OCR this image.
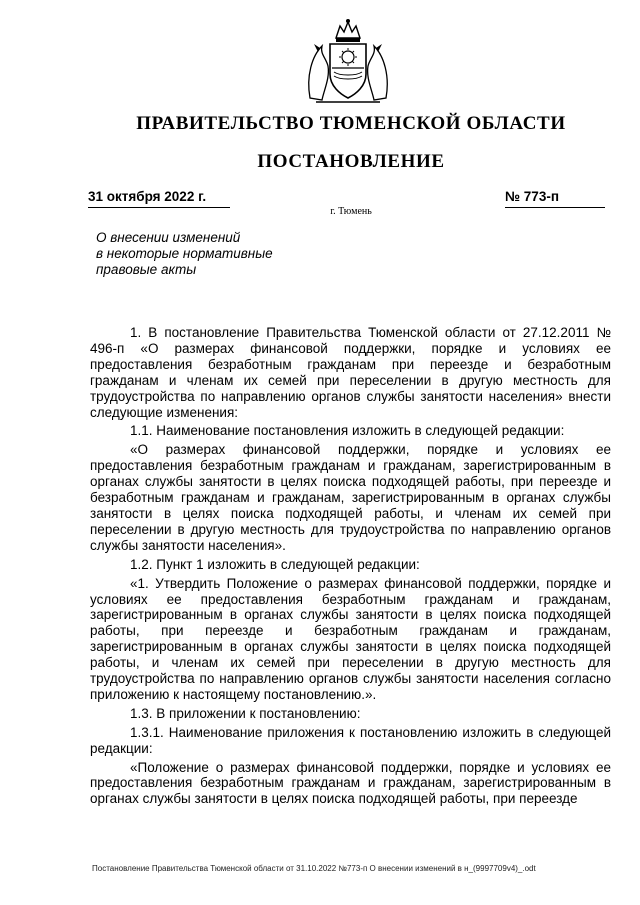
ПРАВИТЕЛЬСТВО ТЮМЕНСКОЙ ОБЛАСТИ
ПОСТАНОВЛЕНИЕ
31 октября 2022 г.	№ 773-п
г. Тюмень
О внесении изменений
в некоторые нормативные
правовые акты

1. В постановление Правительства Тюменской области от 27.12.2011 № 496-п «О размерах финансовой поддержки, порядке и условиях ее предоставления безработным гражданам при переезде и безработным гражданам и членам их семей при переселении в другую местность для трудоустройства по направлению органов службы занятости населения» внести следующие изменения:

1.1. Наименование постановления изложить в следующей редакции:

«О размерах финансовой поддержки, порядке и условиях ее предоставления безработным гражданам и гражданам, зарегистрированным в органах службы занятости в целях поиска подходящей работы, при переезде и безработным гражданам и гражданам, зарегистрированным в органах службы занятости в целях поиска подходящей работы, и членам их семей при переселении в другую местность для трудоустройства по направлению органов службы занятости населения».

1.2. Пункт 1 изложить в следующей редакции:

«1. Утвердить Положение о размерах финансовой поддержки, порядке и условиях ее предоставления безработным гражданам и гражданам, зарегистрированным в органах службы занятости в целях поиска подходящей работы, при переезде и безработным гражданам и гражданам, зарегистрированным в органах службы занятости в целях поиска подходящей работы, и членам их семей при переселении в другую местность для трудоустройства по направлению органов службы занятости населения согласно приложению к настоящему постановлению.».

1.3. В приложении к постановлению:

1.3.1. Наименование приложения к постановлению изложить в следующей редакции:

«Положение о размерах финансовой поддержки, порядке и условиях ее предоставления безработным гражданам и гражданам, зарегистрированным в органах службы занятости в целях поиска подходящей работы, при переезде

Постановление Правительства Тюменской области от 31.10.2022 №773-п О внесении изменений в н_(9997709v4)_.odt
